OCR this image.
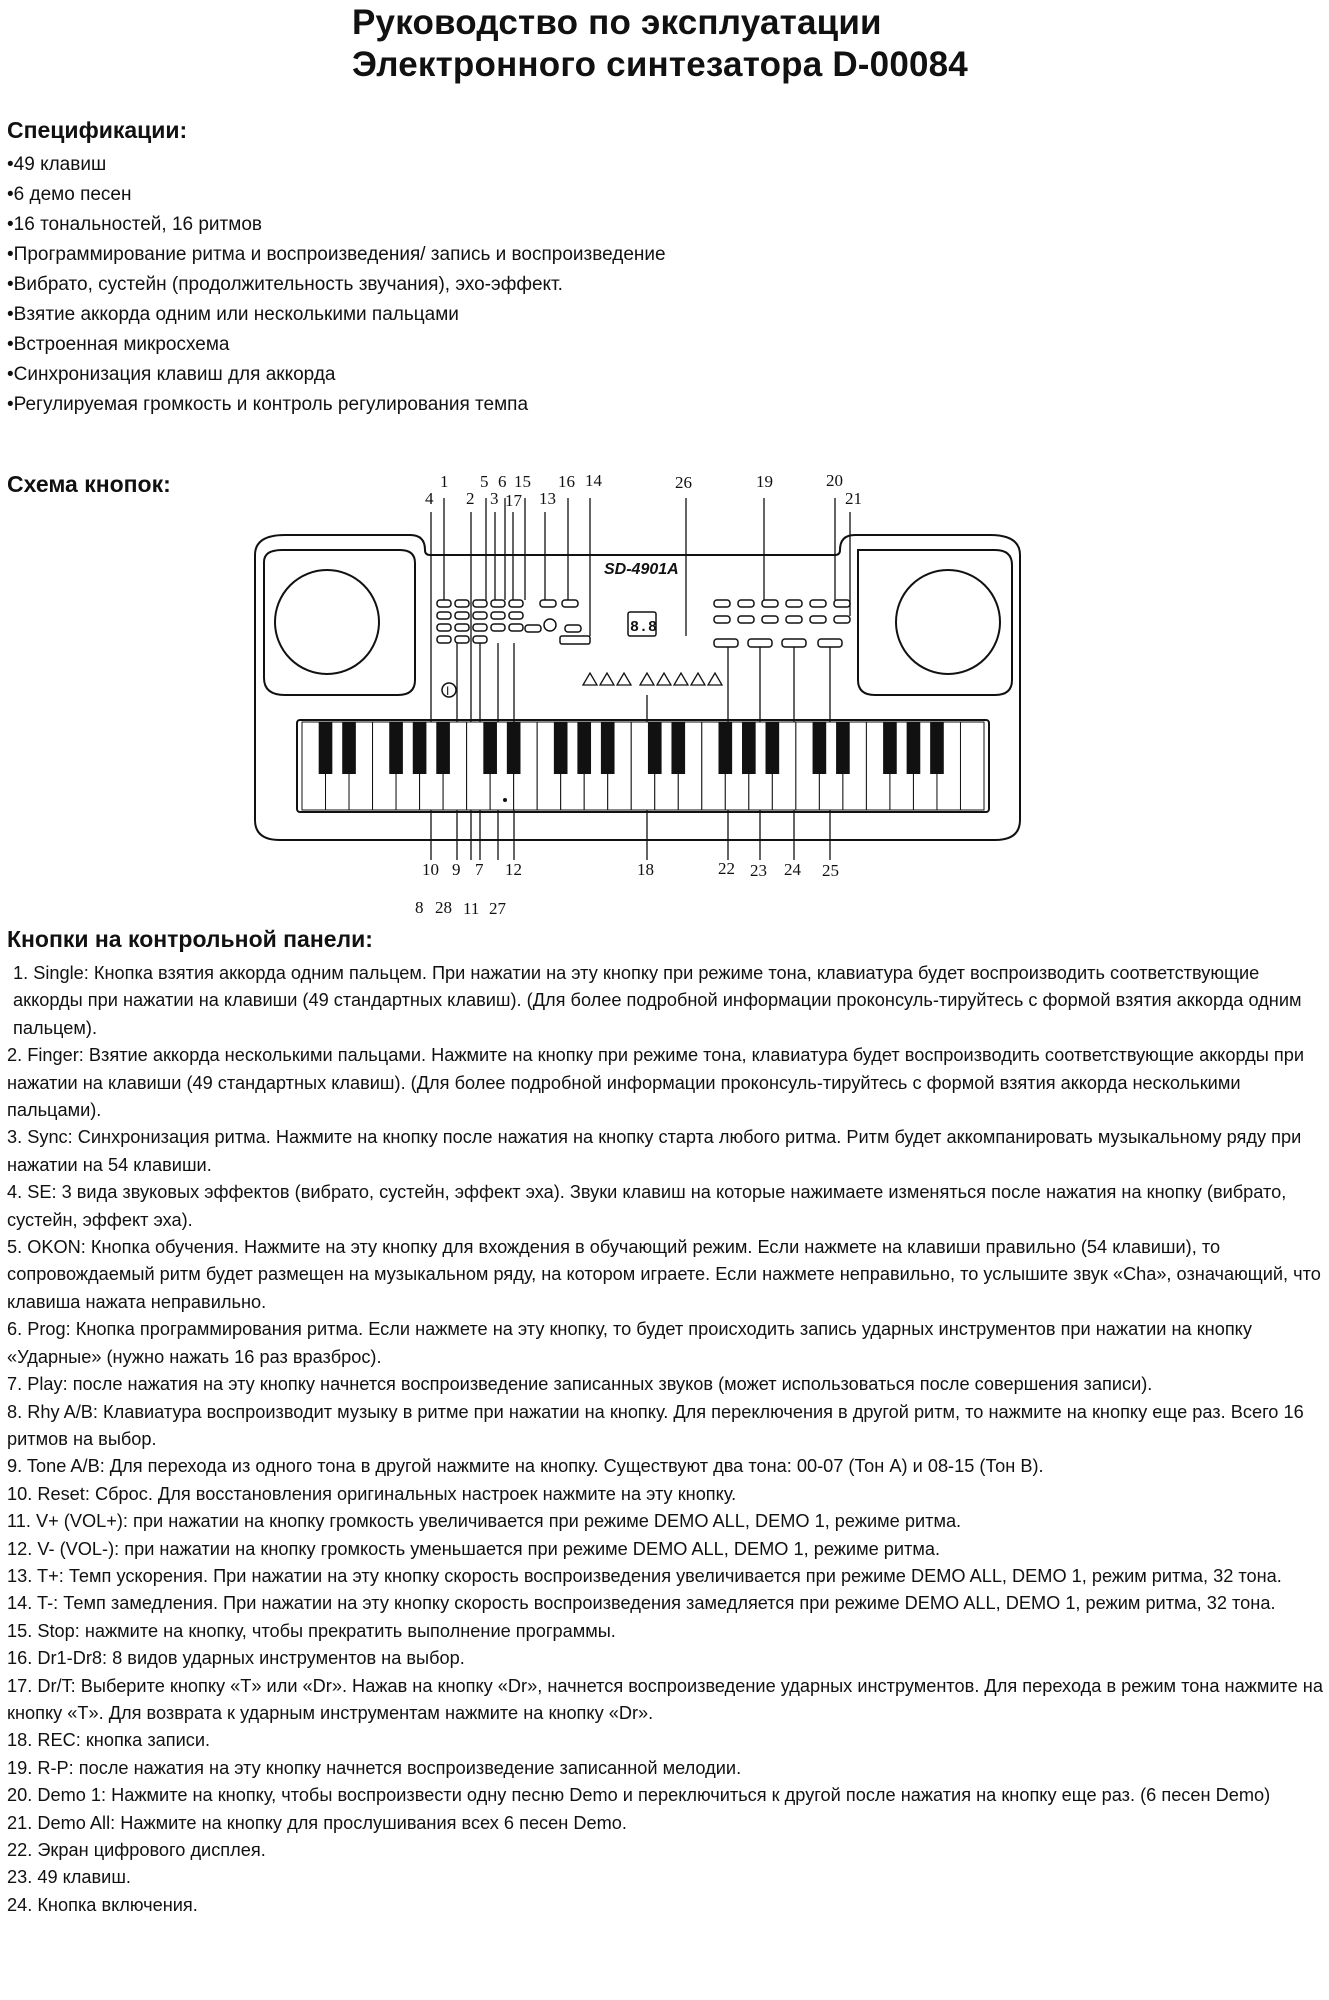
Руководство по эксплуатации
Электронного синтезатора D-00084
Спецификации:
• 49 клавиш
• 6 демо песен
• 16 тональностей, 16 ритмов
• Программирование ритма и воспроизведения/ запись и воспроизведение
• Вибрато, сустейн (продолжительность звучания), эхо-эффект.
• Взятие аккорда одним или несколькими пальцами
• Встроенная микросхема
• Синхронизация клавиш для аккорда
• Регулируемая громкость и контроль регулирования темпа
Схема кнопок:
SD-4901A
8.8
I
1 5 6 15 16 14	26	19	20
4 2 3 17 13	21
10 9 7 12	18	22 23 24 25
8 28 11 27
Кнопки на контрольной панели:

1. Single: Кнопка взятия аккорда одним пальцем. При нажатии на эту кнопку при режиме тона, клавиатура будет воспроизводить соответствующие аккорды при нажатии на клавиши (49 стандартных клавиш). (Для более подробной информации проконсуль-тируйтесь с формой взятия аккорда одним пальцем).

2. Finger: Взятие аккорда несколькими пальцами. Нажмите на кнопку при режиме тона, клавиатура будет воспроизводить соответствующие аккорды при нажатии на клавиши (49 стандартных клавиш). (Для более подробной информации проконсуль-тируйтесь с формой взятия аккорда несколькими пальцами).

3. Sync: Синхронизация ритма. Нажмите на кнопку после нажатия на кнопку старта любого ритма. Ритм будет аккомпанировать музыкальному ряду при нажатии на 54 клавиши.

4. SE: 3 вида звуковых эффектов (вибрато, сустейн, эффект эха). Звуки клавиш на которые нажимаете изменяться после нажатия на кнопку (вибрато, сустейн, эффект эха).

5. OKON: Кнопка обучения. Нажмите на эту кнопку для вхождения в обучающий режим. Если нажмете на клавиши правильно (54 клавиши), то сопровождаемый ритм будет размещен на музыкальном ряду, на котором играете. Если нажмете неправильно, то услышите звук «Cha», означающий, что клавиша нажата неправильно.

6. Prog: Кнопка программирования ритма. Если нажмете на эту кнопку, то будет происходить запись ударных инструментов при нажатии на кнопку «Ударные» (нужно нажать 16 раз вразброс).

7. Play: после нажатия на эту кнопку начнется воспроизведение записанных звуков (может использоваться после совершения записи).

8. Rhy A/B: Клавиатура воспроизводит музыку в ритме при нажатии на кнопку. Для переключения в другой ритм, то нажмите на кнопку еще раз. Всего 16 ритмов на выбор.

9. Tone A/B: Для перехода из одного тона в другой нажмите на кнопку. Существуют два тона: 00-07 (Тон А) и 08-15 (Тон В).

10. Reset: Сброс. Для восстановления оригинальных настроек нажмите на эту кнопку.

11. V+ (VOL+): при нажатии на кнопку громкость увеличивается при режиме DEMO ALL, DEMO 1, режиме ритма.

12. V- (VOL-): при нажатии на кнопку громкость уменьшается при режиме DEMO ALL, DEMO 1, режиме ритма.

13. T+: Темп ускорения. При нажатии на эту кнопку скорость воспроизведения увеличивается при режиме DEMO ALL, DEMO 1, режим ритма, 32 тона.

14. T-: Темп замедления. При нажатии на эту кнопку скорость воспроизведения замедляется при режиме DEMO ALL, DEMO 1, режим ритма, 32 тона.

15. Stop: нажмите на кнопку, чтобы прекратить выполнение программы.

16. Dr1-Dr8: 8 видов ударных инструментов на выбор.

17. Dr/T: Выберите кнопку «T» или «Dr». Нажав на кнопку «Dr», начнется воспроизведение ударных инструментов. Для перехода в режим тона нажмите на кнопку «T». Для возврата к ударным инструментам нажмите на кнопку «Dr».

18. REC: кнопка записи.

19. R-P: после нажатия на эту кнопку начнется воспроизведение записанной мелодии.

20. Demo 1: Нажмите на кнопку, чтобы воспроизвести одну песню Demo и переключиться к другой после нажатия на кнопку еще раз. (6 песен Demo)

21. Demo All: Нажмите на кнопку для прослушивания всех 6 песен Demo.

22. Экран цифрового дисплея.

23. 49 клавиш.

24. Кнопка включения.
